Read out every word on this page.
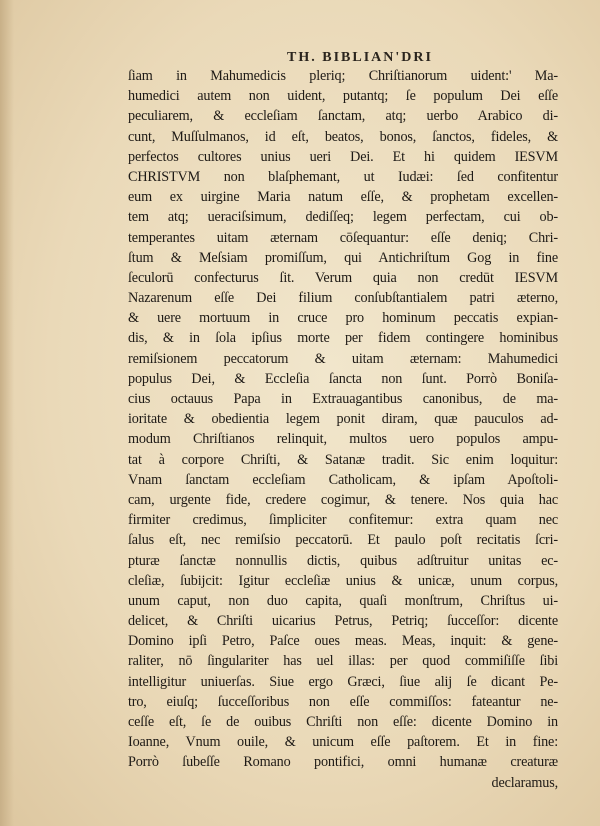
TH. BIBLIAN'DRI
ſiam in Mahumedicis pleriq; Chriſtianorum uident:' Ma-
humedici autem non uident, putantq; ſe populum Dei eſſe
peculiarem, & eccleſiam ſanctam, atq; uerbo Arabico di-
cunt, Muſſulmanos, id eſt, beatos, bonos, ſanctos, fideles, &
perfectos cultores unius ueri Dei. Et hi quidem IESVM
CHRISTVM non blaſphemant, ut Iudæi: ſed confitentur
eum ex uirgine Maria natum eſſe, & prophetam excellen-
tem atq; ueraciſsimum, dediſſeq; legem perfectam, cui ob-
temperantes uitam æternam cōſequantur: eſſe deniq; Chri-
ſtum & Meſsiam promiſſum, qui Antichriſtum Gog in fine
ſeculorū confecturus ſit. Verum quia non credūt IESVM
Nazarenum eſſe Dei filium conſubſtantialem patri æterno,
& uere mortuum in cruce pro hominum peccatis expian-
dis, & in ſola ipſius morte per fidem contingere hominibus
remiſsionem peccatorum & uitam æternam: Mahumedici
populus Dei, & Eccleſia ſancta non ſunt. Porrò Boniſa-
cius octauus Papa in Extrauagantibus canonibus, de ma-
ioritate & obedientia legem ponit diram, quæ pauculos ad-
modum Chriſtianos relinquit, multos uero populos ampu-
tat à corpore Chriſti, & Satanæ tradit. Sic enim loquitur:
Vnam ſanctam eccleſiam Catholicam, & ipſam Apoſtoli-
cam, urgente fide, credere cogimur, & tenere. Nos quia hac
firmiter credimus, ſimpliciter confitemur: extra quam nec
ſalus eſt, nec remiſsio peccatorū. Et paulo poſt recitatis ſcri-
pturæ ſanctæ nonnullis dictis, quibus adſtruitur unitas ec-
cleſiæ, ſubijcit: Igitur eccleſiæ unius & unicæ, unum corpus,
unum caput, non duo capita, quaſi monſtrum, Chriſtus ui-
delicet, & Chriſti uicarius Petrus, Petriq; ſucceſſor: dicente
Domino ipſi Petro, Paſce oues meas. Meas, inquit: & gene-
raliter, nō ſingulariter has uel illas: per quod commiſiſſe ſibi
intelligitur uniuerſas. Siue ergo Græci, ſiue alij ſe dicant Pe-
tro, eiuſq; ſucceſſoribus non eſſe commiſſos: fateantur ne-
ceſſe eſt, ſe de ouibus Chriſti non eſſe: dicente Domino in
Ioanne, Vnum ouile, & unicum eſſe paſtorem. Et in fine:
Porrò ſubeſſe Romano pontifici, omni humanæ creaturæ
declaramus,
